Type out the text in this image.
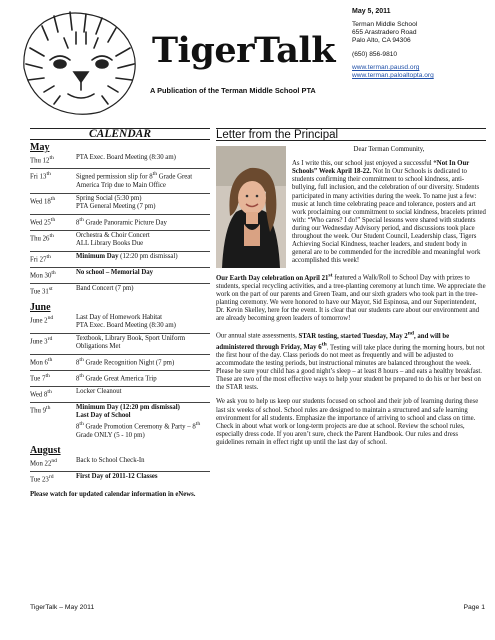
TigerTalk
A Publication of the Terman Middle School PTA
May 5, 2011
Terman Middle School
655 Arastradero Road
Palo Alto, CA 94306
(650) 856-9810
www.terman.pausd.org
www.terman.paloaltopta.org
CALENDAR
May
Thu 12th	PTA Exec. Board Meeting (8:30 am)
Fri 13th	Signed permission slip for 8th Grade Great America Trip due to Main Office
Wed 18th	Spring Social (5:30 pm)
PTA General Meeting (7 pm)
Wed 25th	8th Grade Panoramic Picture Day
Thu 26th	Orchestra & Choir Concert
ALL Library Books Due
Fri 27th	Minimum Day (12:20 pm dismissal)
Mon 30th	No school – Memorial Day
Tue 31st	Band Concert (7 pm)
June
June 2nd	Last Day of Homework Habitat
PTA Exec. Board Meeting (8:30 am)
June 3rd	Textbook, Library Book, Sport Uniform Obligations Met
Mon 6th	8th Grade Recognition Night (7 pm)
Tue 7th	8th Grade Great America Trip
Wed 8th	Locker Cleanout
Thu 9th	Minimum Day (12:20 pm dismissal)
Last Day of School
8th Grade Promotion Ceremony & Party – 8th Grade ONLY (5 - 10 pm)
August
Mon 22nd	Back to School Check-In
Tue 23rd	First Day of 2011-12 Classes
Please watch for updated calendar information in eNews.
Letter from the Principal

Dear Terman Community,

As I write this, our school just enjoyed a successful “Not In Our Schools” Week April 18-22. Not In Our Schools is dedicated to students confirming their commitment to school kindness, anti-bullying, full inclusion, and the celebration of our diversity. Students participated in many activities during the week. To name just a few: music at lunch time celebrating peace and tolerance, posters and art work proclaiming our commitment to social kindness, bracelets printed with: “Who cares? I do!” Special lessons were shared with students during our Wednesday Advisory period, and discussions took place throughout the week. Our Student Council, Leadership class, Tigers Achieving Social Kindness, teacher leaders, and student body in general are to be commended for the incredible and meaningful work accomplished this week!

Our Earth Day celebration on April 21st featured a Walk/Roll to School Day with prizes to students, special recycling activities, and a tree-planting ceremony at lunch time. We appreciate the work on the part of our parents and Green Team, and our sixth graders who took part in the tree-planting ceremony. We were honored to have our Mayor, Sid Espinosa, and our Superintendent, Dr. Kevin Skelley, here for the event. It is clear that our students care about our environment and are already becoming green leaders of tomorrow!

Our annual state assessments, STAR testing, started Tuesday, May 2nd, and will be administered through Friday, May 6th. Testing will take place during the morning hours, but not the first hour of the day. Class periods do not meet as frequently and will be adjusted to accommodate the testing periods, but instructional minutes are balanced throughout the week. Please be sure your child has a good night’s sleep – at least 8 hours – and eats a healthy breakfast. These are two of the most effective ways to help your student be prepared to do his or her best on the STAR tests.

We ask you to help us keep our students focused on school and their job of learning during these last six weeks of school. School rules are designed to maintain a structured and safe learning environment for all students. Emphasize the importance of arriving to school and class on time. Check in about what work or long-term projects are due at school. Review the school rules, especially dress code. If you aren’t sure, check the Parent Handbook. Our rules and dress guidelines remain in effect right up until the last day of school.

TigerTalk – May 2011	Page 1
